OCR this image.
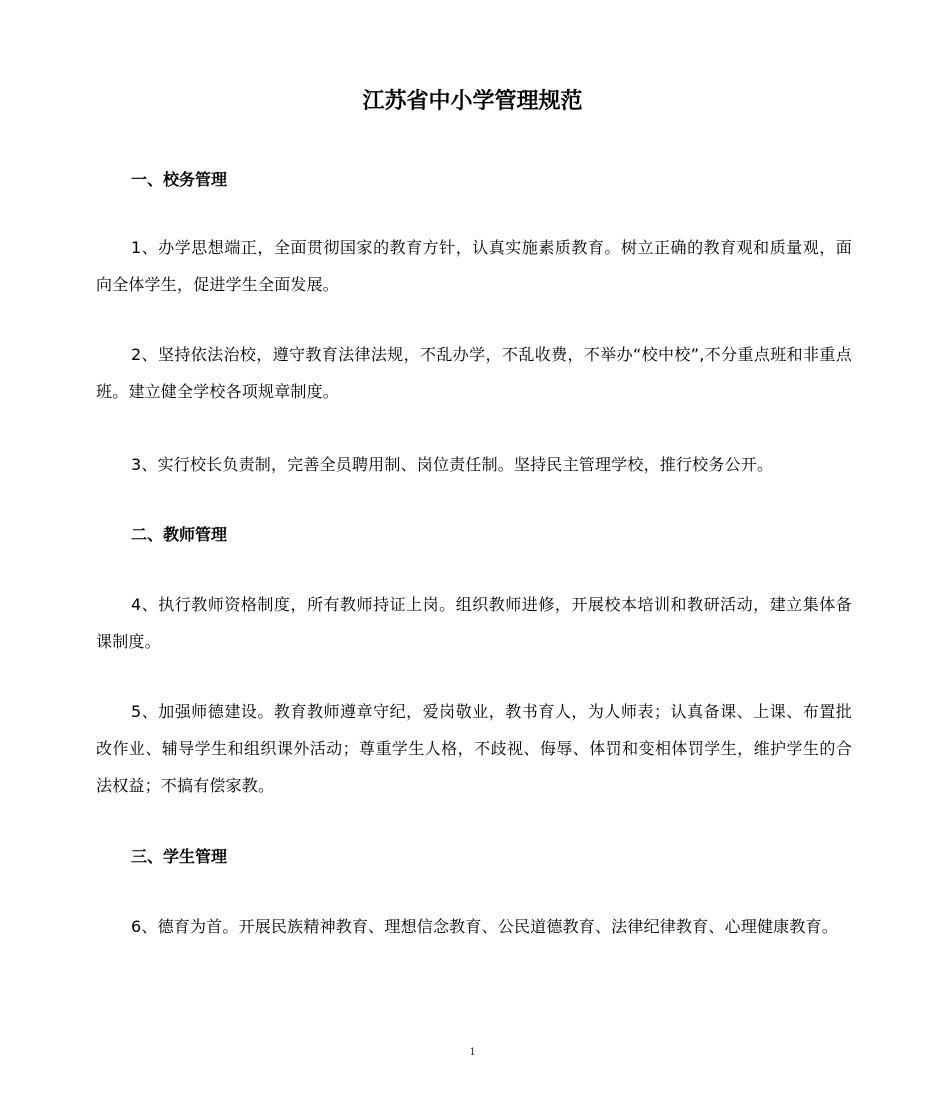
江苏省中小学管理规范
一、校务管理

1、办学思想端正，全面贯彻国家的教育方针，认真实施素质教育。树立正确的教育观和质量观，面向全体学生，促进学生全面发展。

2、坚持依法治校，遵守教育法律法规，不乱办学，不乱收费，不举办“校中校”,不分重点班和非重点班。建立健全学校各项规章制度。

3、实行校长负责制，完善全员聘用制、岗位责任制。坚持民主管理学校，推行校务公开。

二、教师管理

4、执行教师资格制度，所有教师持证上岗。组织教师进修，开展校本培训和教研活动，建立集体备课制度。

5、加强师德建设。教育教师遵章守纪，爱岗敬业，教书育人，为人师表；认真备课、上课、布置批改作业、辅导学生和组织课外活动；尊重学生人格，不歧视、侮辱、体罚和变相体罚学生，维护学生的合法权益；不搞有偿家教。

三、学生管理

6、德育为首。开展民族精神教育、理想信念教育、公民道德教育、法律纪律教育、心理健康教育。

1
